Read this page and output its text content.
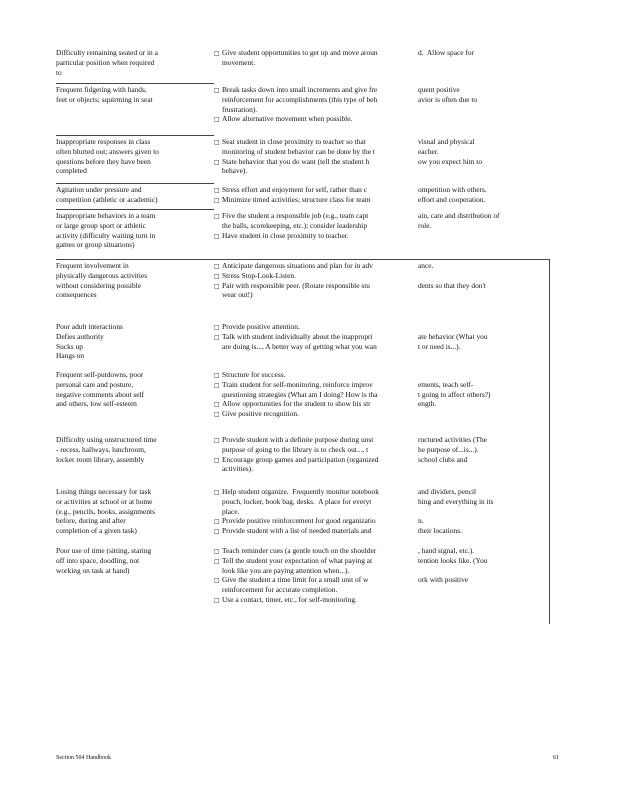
Difficulty remaining seated or in a
particular position when required
to
□ Give student opportunities to get up and move aroun
movement.
d.  Allow space for
Frequent fidgeting with hands,
feet or objects; squirming in seat
□ Break tasks down into small increments and give fre
reinforcement for accomplishments (this type of beh
frustration).
□ Allow alternative movement when possible.
quent positive
avior is often due to
Inappropriate responses in class
often blurted out; answers given to
questions before they have been
completed
□ Seat student in close proximity to teacher so that
monitoring of student behavior can be done by the t
□ State behavior that you do want (tell the student h
behave).
visual and physical
eacher.
ow you expect him to
Agitation under pressure and
competition (athletic or academic)
□ Stress effort and enjoyment for self, rather than c
□ Minimize timed activities; structure class for team
ompetition with others.
effort and cooperation.
Inappropriate behaviors in a team
or large group sport or athletic
activity (difficulty waiting turn in
games or group situations)
□ Five the student a responsible job (e.g., team capt
the balls, scorekeeping, etc.); consider leadership
□ Have student in close proximity to teacher.
ain, care and distribution of
role.
Frequent involvement in
physically dangerous activities
without considering possible
consequences
□ Anticipate dangerous situations and plan for in adv
□ Stress Stop-Look-Listen.
□ Pair with responsible peer. (Rotate responsible stu
wear out!)
ance.
dents so that they don't
Poor adult interactions
Defies authority
Sucks up
Hangs on
□ Provide positive attention.
□ Talk with student individually about the inappropri
are doing is..., A better way of getting what you wan
ate behavior (What you
t or need is...).
Frequent self-putdowns, poor
personal care and posture,
negative comments about self
and others, low self-esteem
□ Structure for success.
□ Train student for self-monitoring, reinforce improv
questioning strategies (What am I doing? How is tha
□ Allow opportunities for the student to show his str
□ Give positive recognition.
ements, teach self-
t going to affect others?)
ength.
Difficulty using unstructured time
- recess, hallways, lunchroom,
locker room library, assembly
□ Provide student with a definite purpose during unst
purpose of going to the library is to check out..., t
□ Encourage group games and participation (organized
activities).
ructured activities (The
he purpose of...is...).
school clubs and
Losing things necessary for task
or activities at school or at home
(e.g., pencils, books, assignments
before, during and after
completion of a given task)
□ Help student organize.  Frequently monitor notebook
pouch, locker, book bag, desks.  A place for everyt
place.
□ Provide positive reinforcement for good organizatio
□ Provide student with a list of needed materials and
and dividers, pencil
hing and everything in its
n.
their locations.
Poor use of time (sitting, staring
off into space, doodling, not
working on task at hand)
□ Teach reminder cues (a gentle touch on the shoulder
□ Tell the student your expectation of what paying at
look like you are paying attention when...).
□ Give the student a time limit for a small unit of w
reinforcement for accurate completion.
□ Use a contact, timer, etc., for self-monitoring.
, hand signal, etc.).
tention looks like. (You
ork with positive
Section 504 Handbook	61
